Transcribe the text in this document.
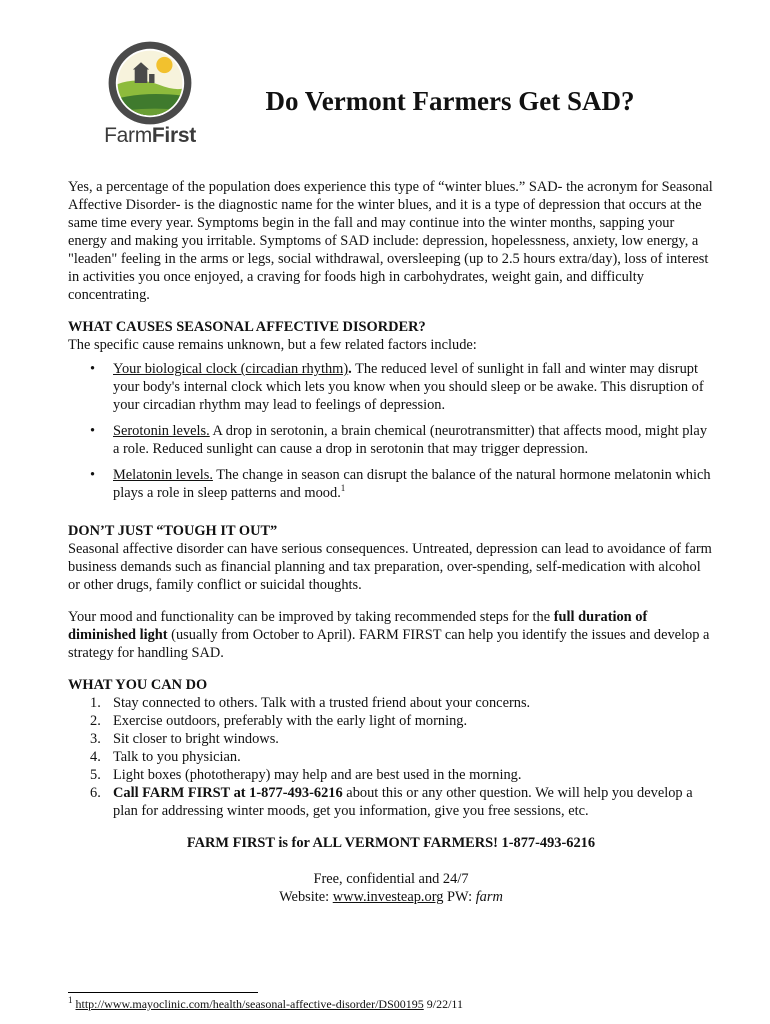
FarmFirst
Do Vermont Farmers Get SAD?

Yes, a percentage of the population does experience this type of “winter blues.” SAD- the acronym for Seasonal Affective Disorder- is the diagnostic name for the winter blues, and it is a type of depression that occurs at the same time every year. Symptoms begin in the fall and may continue into the winter months, sapping your energy and making you irritable. Symptoms of SAD include: depression, hopelessness, anxiety, low energy, a "leaden" feeling in the arms or legs, social withdrawal, oversleeping (up to 2.5 hours extra/day), loss of interest in activities you once enjoyed, a craving for foods high in carbohydrates, weight gain, and difficulty concentrating.

WHAT CAUSES SEASONAL AFFECTIVE DISORDER?

The specific cause remains unknown, but a few related factors include:

• Your biological clock (circadian rhythm). The reduced level of sunlight in fall and winter may disrupt your body's internal clock which lets you know when you should sleep or be awake. This disruption of your circadian rhythm may lead to feelings of depression.
• Serotonin levels. A drop in serotonin, a brain chemical (neurotransmitter) that affects mood, might play a role. Reduced sunlight can cause a drop in serotonin that may trigger depression.
• Melatonin levels. The change in season can disrupt the balance of the natural hormone melatonin which plays a role in sleep patterns and mood.$^1$

DON’T JUST “TOUGH IT OUT”

Seasonal affective disorder can have serious consequences. Untreated, depression can lead to avoidance of farm business demands such as financial planning and tax preparation, over-spending, self-medication with alcohol or other drugs, family conflict or suicidal thoughts.

Your mood and functionality can be improved by taking recommended steps for the full duration of diminished light (usually from October to April). FARM FIRST can help you identify the issues and develop a strategy for handling SAD.

WHAT YOU CAN DO

1. Stay connected to others. Talk with a trusted friend about your concerns.
2. Exercise outdoors, preferably with the early light of morning.
3. Sit closer to bright windows.
4. Talk to you physician.
5. Light boxes (phototherapy) may help and are best used in the morning.
6. Call FARM FIRST at 1-877-493-6216 about this or any other question. We will help you develop a plan for addressing winter moods, get you information, give you free sessions, etc.

FARM FIRST is for ALL VERMONT FARMERS! 1-877-493-6216

Free, confidential and 24/7

Website: www.investeap.org PW: farm

$^1$ http://www.mayoclinic.com/health/seasonal-affective-disorder/DS00195 9/22/11
